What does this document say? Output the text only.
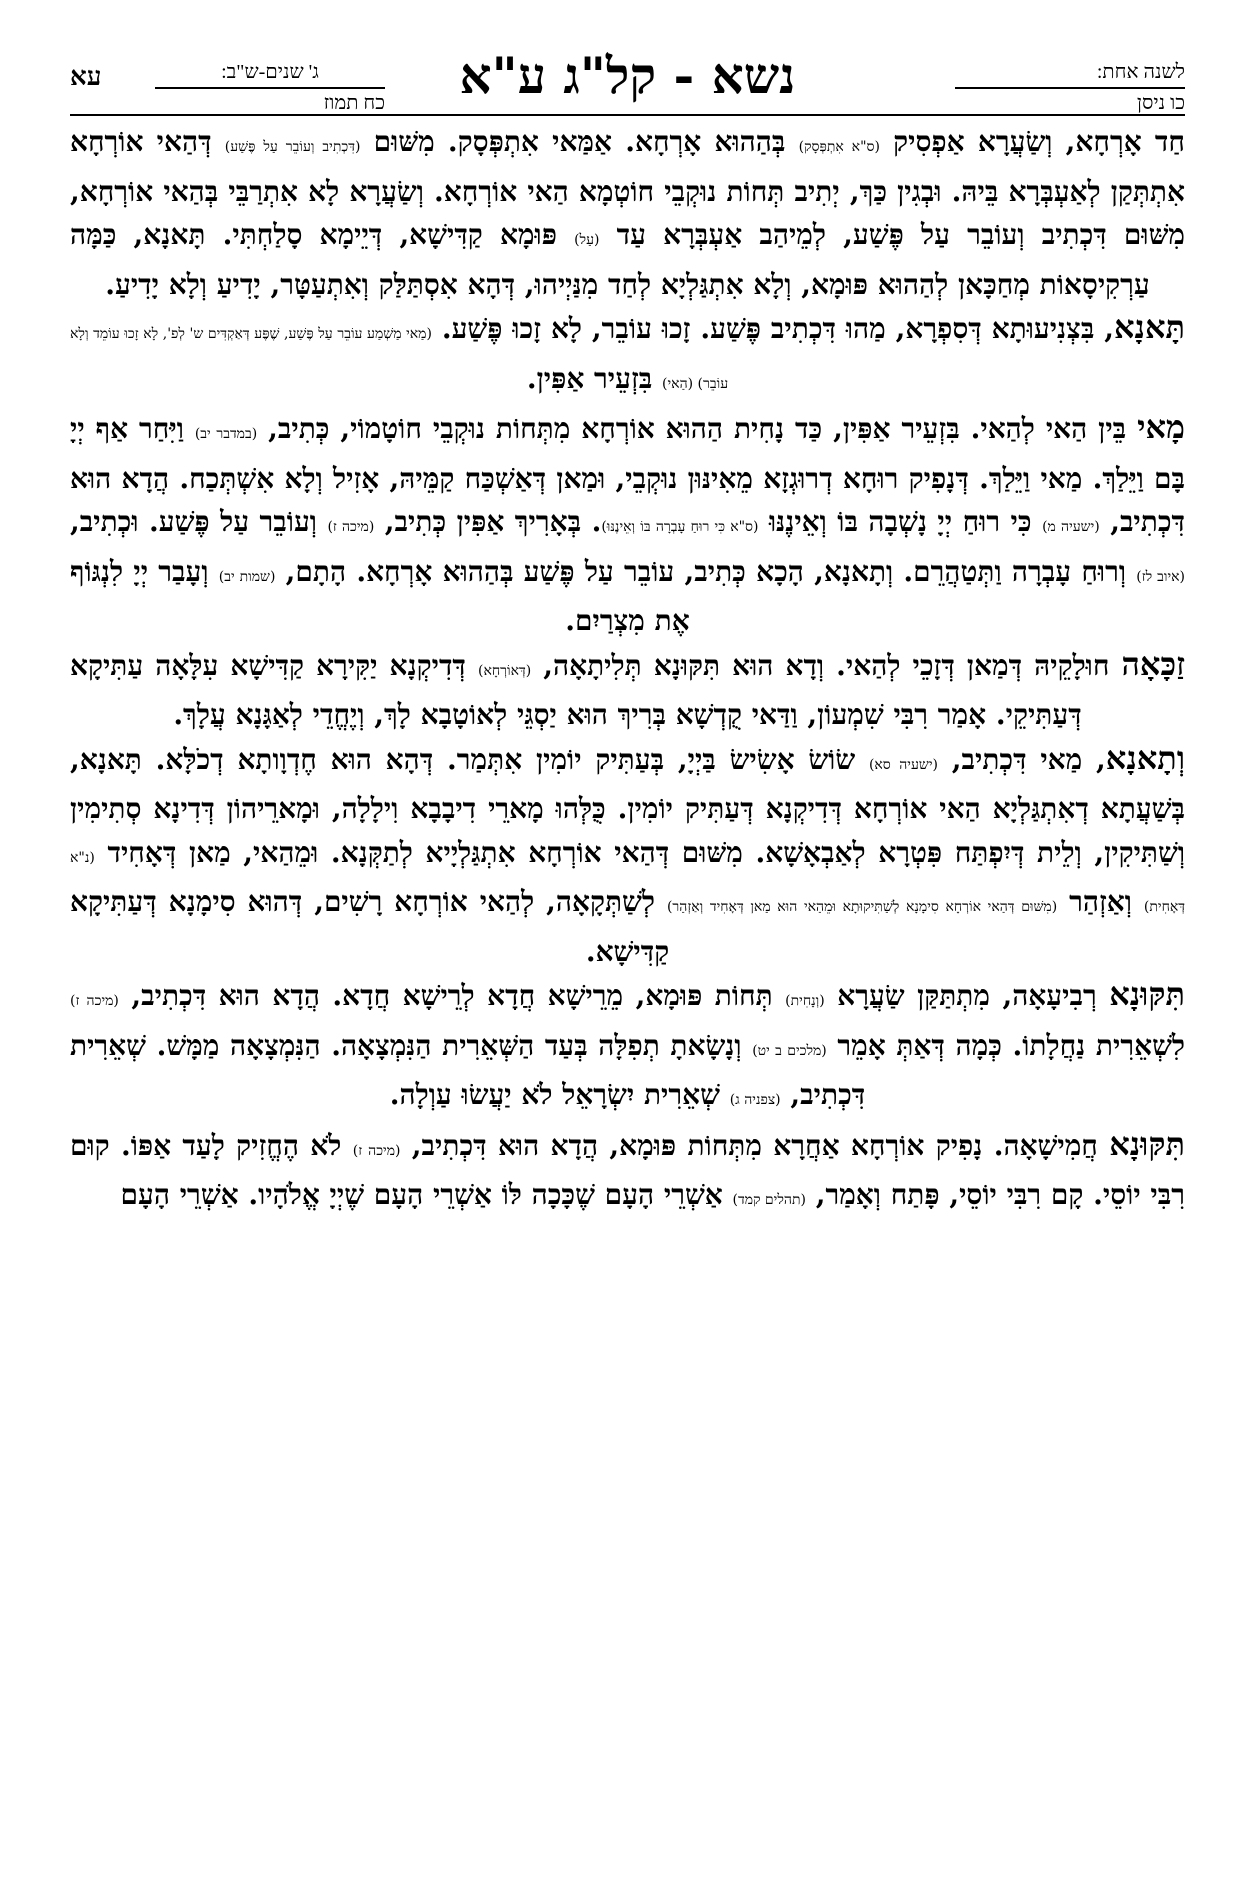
לשנה אחת:
כו ניסן
נשא - קל"ג ע"א
ג' שנים-ש"ב:
כח תמוז
עא

חַד אָרְחָא, וְשַׂעֲרָא אַפְסִיק (ס"א אִתְפְּסָק) בְּהַהוּא אָרְחָא. אַמַּאי אִתְפְּסָק. מִשּׁוּם (דִּכְתִיב וְעוֹבֵר עַל פֶּשַׁע) דְּהַאי אוֹרְחָא אִתְתְּקַן לְאַעְבְּרָא בֵּיהּ. וּבְגִין כַּךְ, יְתִיב תְּחוֹת נוּקְבֵי חוֹטְמָא הַאי אוֹרְחָא. וְשַׂעֲרָא לָא אִתְרַבֵּי בְּהַאי אוֹרְחָא, מִשּׁוּם דִּכְתִיב וְעוֹבֵר עַל פֶּשַׁע, לְמֵיהַב אַעְבְּרָא עַד (עַל) פּוּמָא קַדִּישָׁא, דְּיֵימָא סָלַחְתִּי. תָּאנָא, כַּמָּה עַרְקִיסָאוֹת מְחַכָּאן לְהַהוּא פּוּמָא, וְלָא אִתְגַּלְיָא לְחַד מִנַּיְיהוּ, דְּהָא אִסְתַּלַּק וְאִתְעַטָּר, יָדִיעַ וְלָא יָדִיעַ.

תָּאנָא, בִּצְנִיעוּתָא דְּסִפְרָא, מַהוּ דִּכְתִיב פֶּשַׁע. זָכוּ עוֹבֵר, לָא זָכוּ פֶּשַׁע. (מַאי מַשְׁמַע עוֹבֵר עַל פֶּשַׁע, שֶׁפֶּע דְּאַקְדִּים ש' לְפ', לָא זָכוּ עוֹמֵד וְלָא עוֹבֵר) (הַאי) בִּזְעֵיר אַפִּין.

מָאי בֵּין הַאי לְהַאי. בִּזְעֵיר אַפִּין, כַּד נָחִית הַהוּא אוֹרְחָא מִתְּחוֹת נוּקְבֵי חוֹטָמוֹי, כְּתִיב, (במדבר יב) וַיִּחַר אַף יְיָ בָּם וַיֵּלַךְ. מַאי וַיֵּלַךְ. דְּנָפִיק רוּחָא דְרוּגְזָא מֵאִינּוּן נוּקְבֵי, וּמַאן דְּאַשְׁכַּח קַמֵּיהּ, אָזִיל וְלָא אִשְׁתְּכַח. הֲדָא הוּא דִּכְתִיב, (ישעיה מ) כִּי רוּחַ יְיָ נָשְׁבָה בּוֹ וְאֵינֶנּוּ (ס"א כִּי רוּחַ עָבְרָה בּוֹ וְאֵינֶנּוּ). בְּאָרִיךְ אַפִּין כְּתִיב, (מיכה ז) וְעוֹבֵר עַל פֶּשַׁע. וּכְתִיב, (איוב לז) וְרוּחַ עָבְרָה וַתְּטַהֲרֵם. וְתָאנָא, הָכָא כְּתִיב, עוֹבֵר עַל פֶּשַׁע בְּהַהוּא אָרְחָא. הָתָם, (שמות יב) וְעָבַר יְיָ לִנְגּוֹף אֶת מִצְרַיִם.

זַכָּאָה חוּלָקֵיהּ דְּמַאן דְּזָכֵי לְהַאי. וְדָא הוּא תִּקּוּנָא תְּלִיתָאָה, (דְּאוֹרְחָא) דְּדִיקְנָא יַקִּירָא קַדִּישָׁא עִלָּאָה עַתִּיקָא דְּעַתִּיקֵי. אָמַר רִבִּי שִׁמְעוֹן, וַדַּאי קֻדְשָׁא בְּרִיךְ הוּא יַסְגֵּי לְאוֹטָבָא לָךְ, וְיֶחֱדֵי לְאַגָּנָא עֲלָךְ.

וְתָאנָא, מַאי דִּכְתִיב, (ישעיה סא) שׂוֹשׂ אָשִׂישׂ בַּיְיָ, בְּעַתִּיק יוֹמִין אִתְּמַר. דְּהָא הוּא חֶדְוָותָא דְכֹלָּא. תָּאנָא, בְּשַׁעֲתָא דְאִתְגַּלְיָא הַאי אוֹרְחָא דְּדִיקְנָא דְּעַתִּיק יוֹמִין. כֻּלְּהוּ מָארֵי דִיבָבָא וִילָלָה, וּמָארֵיהוֹן דְּדִינָא סְתִימִין וְשַׁתִּיקִין, וְלֵית דְּיִפְתַּח פִּטְרָא לְאַבְאָשָׁא. מִשּׁוּם דְּהַאי אוֹרְחָא אִתְגַּלְיָיא לְתַקְּנָא. וּמֵהַאי, מַאן דְּאָחִיד (נ"א דְּאָחִית) וְאַזְהַר (מִשּׁוּם דְּהַאי אוֹרְחָא סִימָנָא לְשַׁתִּיקוּתָא וּמֵהַאי הוּא מַאן דְּאָחִיד וְאַזְהַר) לְשַׁתְּקָאָה, לְהַאי אוֹרְחָא רָשִׁים, דְּהוּא סִימָנָא דְּעַתִּיקָא קַדִּישָׁא.

תִּקּוּנָא רְבִיעָאָה, מִתְתַּקַּן שַׂעֲרָא (וְנָחִית) תְּחוֹת פּוּמָא, מֵרֵישָׁא חֲדָא לְרֵישָׁא חֲדָא. הֲדָא הוּא דִּכְתִיב, (מיכה ז) לִשְׁאֵרִית נַחֲלָתוֹ. כְּמָה דְּאַתְּ אָמֵר (מלכים ב יט) וְנָשָׂאתָ תְפִלָּה בְּעַד הַשְּׁאֵרִית הַנִּמְצָאָה. הַנִּמְצָאָה מַמָּשׁ. שְׁאֵרִית דִּכְתִיב, (צפניה ג) שְׁאֵרִית יִשְׂרָאֵל לֹא יַעֲשׂוּ עַוְלָה.

תִּקּוּנָא חֲמִישָׁאָה. נָפִיק אוֹרְחָא אַחֲרָא מִתְּחוֹת פּוּמָא, הֲדָא הוּא דִּכְתִיב, (מיכה ז) לֹא הֶחֱזִיק לָעַד אַפּוֹ. קוּם רִבִּי יוֹסֵי. קָם רִבִּי יוֹסֵי, פָּתַח וְאָמַר, (תהלים קמד) אַשְׁרֵי הָעָם שֶׁכָּכָה לּוֹ אַשְׁרֵי הָעָם שֶׁיְיָ אֱלֹהָיו. אַשְׁרֵי הָעָם
